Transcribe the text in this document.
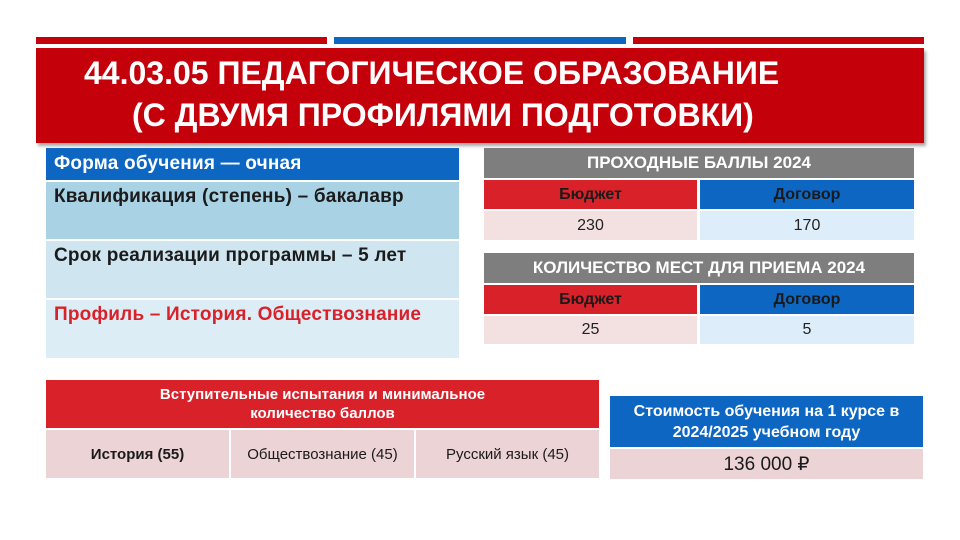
44.03.05 ПЕДАГОГИЧЕСКОЕ ОБРАЗОВАНИЕ
(С ДВУМЯ ПРОФИЛЯМИ ПОДГОТОВКИ)
Форма обучения — очная
Квалификация (степень) – бакалавр
Срок реализации программы – 5 лет
Профиль – История. Обществознание
ПРОХОДНЫЕ БАЛЛЫ 2024
Бюджет	Договор
230	170
КОЛИЧЕСТВО МЕСТ ДЛЯ ПРИЕМА 2024
Бюджет	Договор
25	5
Вступительные испытания и минимальное количество баллов
История (55)	Обществознание (45)	Русский язык (45)
Стоимость обучения на 1 курсе в 2024/2025 учебном году
136 000 ₽
